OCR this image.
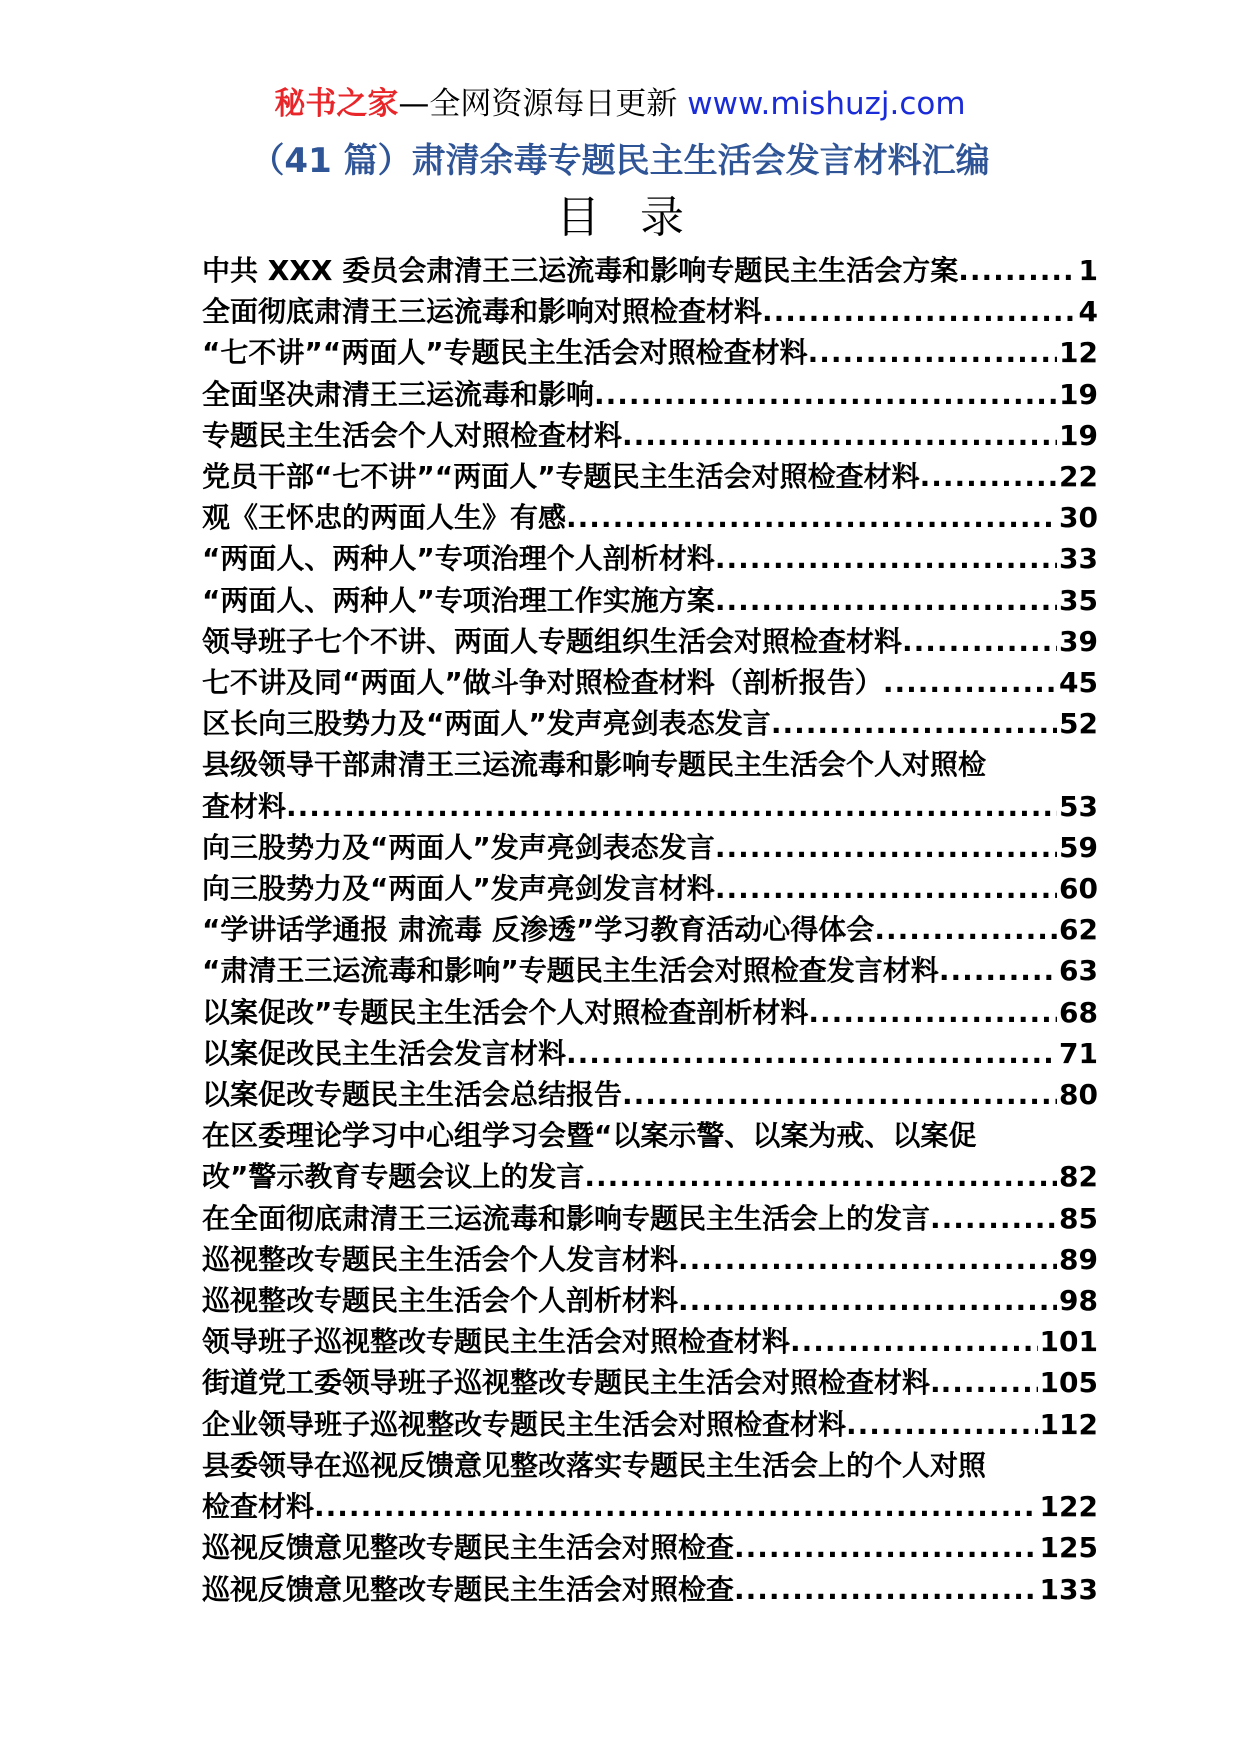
秘书之家—全网资源每日更新 www.mishuzj.com
（41 篇）肃清余毒专题民主生活会发言材料汇编
目录
中共 XXX 委员会肃清王三运流毒和影响专题民主生活会方案 .....	1
全面彻底肃清王三运流毒和影响对照检查材料 .....	4
“七不讲”“两面人”专题民主生活会对照检查材料 .....	12
全面坚决肃清王三运流毒和影响 .....	19
专题民主生活会个人对照检查材料 .....	19
党员干部“七不讲”“两面人”专题民主生活会对照检查材料 .....	22
观《王怀忠的两面人生》有感 .....	30
“两面人、两种人”专项治理个人剖析材料 .....	33
“两面人、两种人”专项治理工作实施方案 .....	35
领导班子七个不讲、两面人专题组织生活会对照检查材料 .....	39
七不讲及同“两面人”做斗争对照检查材料（剖析报告） .....	45
区长向三股势力及“两面人”发声亮剑表态发言 .....	52
县级领导干部肃清王三运流毒和影响专题民主生活会个人对照检
查材料 .....	53
向三股势力及“两面人”发声亮剑表态发言 .....	59
向三股势力及“两面人”发声亮剑发言材料 .....	60
“学讲话学通报 肃流毒 反渗透”学习教育活动心得体会 .....	62
“肃清王三运流毒和影响”专题民主生活会对照检查发言材料 .....	63
以案促改”专题民主生活会个人对照检查剖析材料 .....	68
以案促改民主生活会发言材料 .....	71
以案促改专题民主生活会总结报告 .....	80
在区委理论学习中心组学习会暨“以案示警、以案为戒、以案促
改”警示教育专题会议上的发言 .....	82
在全面彻底肃清王三运流毒和影响专题民主生活会上的发言 .....	85
巡视整改专题民主生活会个人发言材料 .....	89
巡视整改专题民主生活会个人剖析材料 .....	98
领导班子巡视整改专题民主生活会对照检查材料 .....	101
街道党工委领导班子巡视整改专题民主生活会对照检查材料. .....	105
企业领导班子巡视整改专题民主生活会对照检查材料 .....	112
县委领导在巡视反馈意见整改落实专题民主生活会上的个人对照
检查材料 .....	122
巡视反馈意见整改专题民主生活会对照检查 .....	125
巡视反馈意见整改专题民主生活会对照检查 .....	133
